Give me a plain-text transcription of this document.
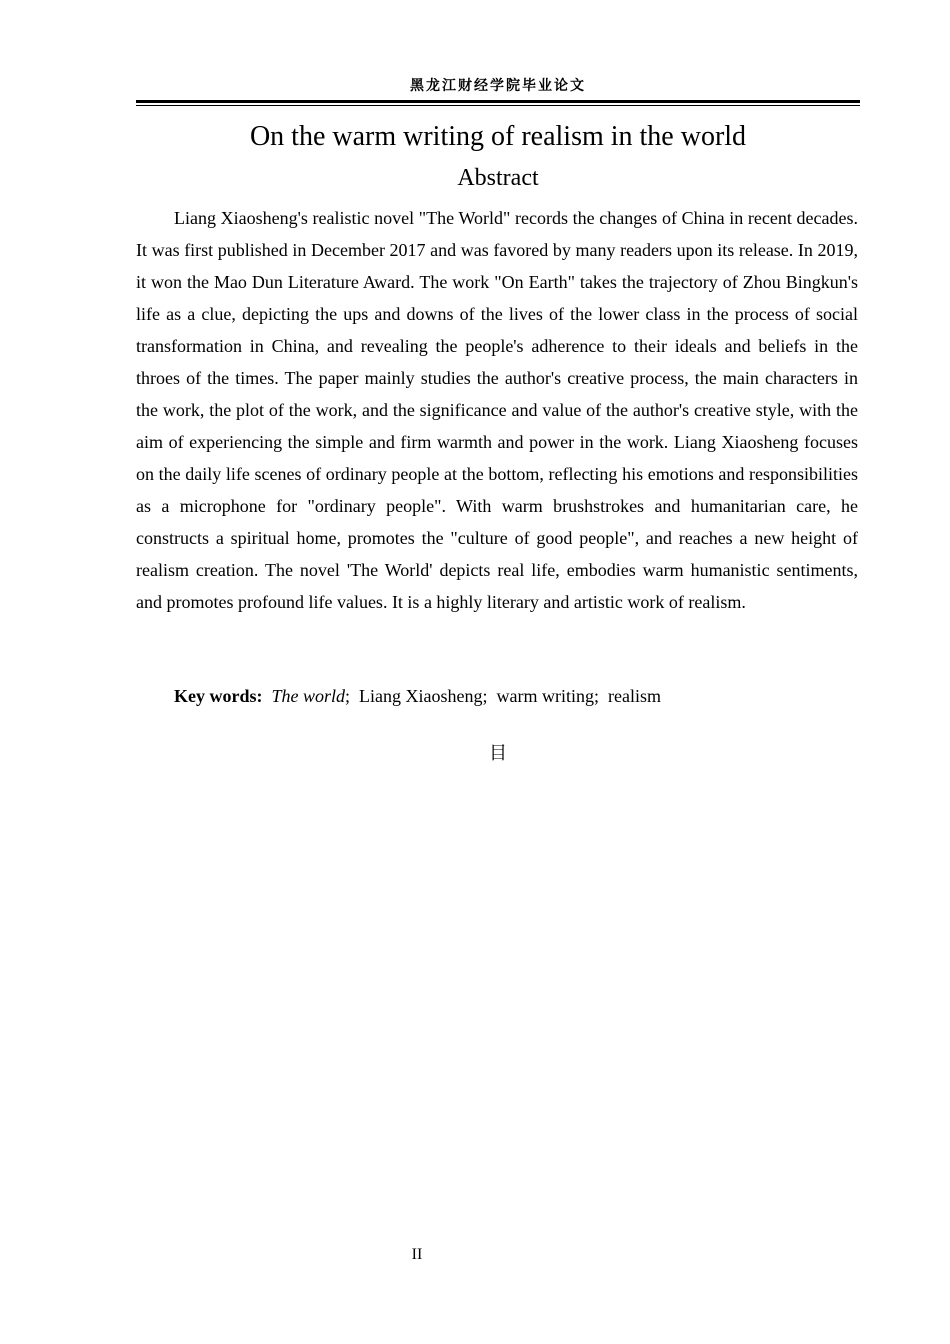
黑龙江财经学院毕业论文
On the warm writing of realism in the world
Abstract

Liang Xiaosheng's realistic novel "The World" records the changes of China in recent decades. It was first published in December 2017 and was favored by many readers upon its release. In 2019, it won the Mao Dun Literature Award. The work "On Earth" takes the trajectory of Zhou Bingkun's life as a clue, depicting the ups and downs of the lives of the lower class in the process of social transformation in China, and revealing the people's adherence to their ideals and beliefs in the throes of the times. The paper mainly studies the author's creative process, the main characters in the work, the plot of the work, and the significance and value of the author's creative style, with the aim of experiencing the simple and firm warmth and power in the work. Liang Xiaosheng focuses on the daily life scenes of ordinary people at the bottom, reflecting his emotions and responsibilities as a microphone for "ordinary people". With warm brushstrokes and humanitarian care, he constructs a spiritual home, promotes the "culture of good people", and reaches a new height of realism creation. The novel 'The World' depicts real life, embodies warm humanistic sentiments, and promotes profound life values. It is a highly literary and artistic work of realism.

Key words: The world; Liang Xiaosheng; warm writing; realism
目
II
